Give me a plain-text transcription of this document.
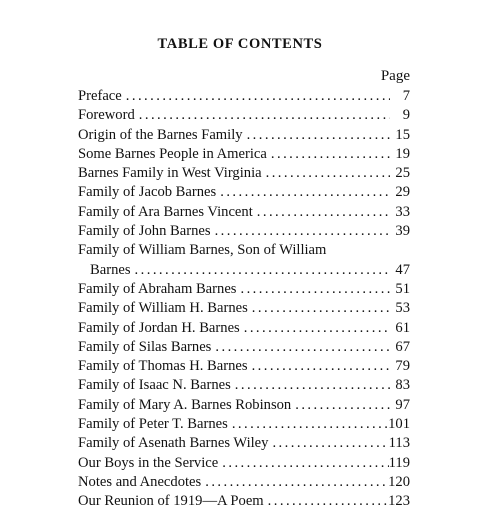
TABLE OF CONTENTS
Page
Preface . . .	7
Foreword . . .	9
Origin of the Barnes Family . . .	15
Some Barnes People in America . . .	19
Barnes Family in West Virginia . . .	25
Family of Jacob Barnes . . .	29
Family of Ara Barnes Vincent . . .	33
Family of John Barnes . . .	39
Family of William Barnes, Son of William
Barnes . . .	47
Family of Abraham Barnes . . .	51
Family of William H. Barnes . . .	53
Family of Jordan H. Barnes . . .	61
Family of Silas Barnes . . .	67
Family of Thomas H. Barnes . . .	79
Family of Isaac N. Barnes . . .	83
Family of Mary A. Barnes Robinson . . .	97
Family of Peter T. Barnes . . .	101
Family of Asenath Barnes Wiley . . .	113
Our Boys in the Service . . .	119
Notes and Anecdotes . . .	120
Our Reunion of 1919—A Poem . . .	123
